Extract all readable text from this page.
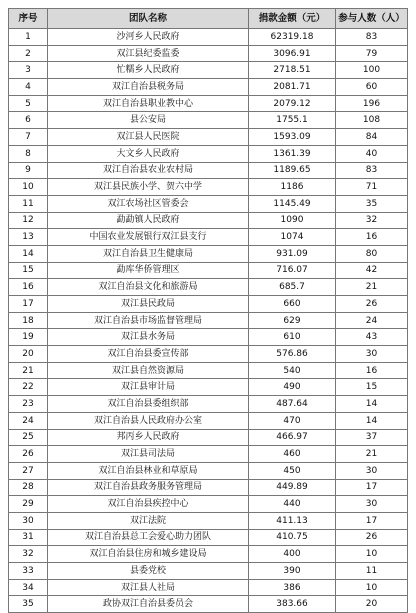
序号	团队名称	捐款金额（元）	参与人数（人）
1	沙河乡人民政府	62319.18	83
2	双江县纪委监委	3096.91	79
3	忙糯乡人民政府	2718.51	100
4	双江自治县税务局	2081.71	60
5	双江自治县职业教中心	2079.12	196
6	县公安局	1755.1	108
7	双江县人民医院	1593.09	84
8	大文乡人民政府	1361.39	40
9	双江自治县农业农村局	1189.65	83
10	双江县民族小学、贺六中学	1186	71
11	双江农场社区管委会	1145.49	35
12	勐勐镇人民政府	1090	32
13	中国农业发展银行双江县支行	1074	16
14	双江自治县卫生健康局	931.09	80
15	勐库华侨管理区	716.07	42
16	双江自治县文化和旅游局	685.7	21
17	双江县民政局	660	26
18	双江自治县市场监督管理局	629	24
19	双江县水务局	610	43
20	双江自治县委宣传部	576.86	30
21	双江县自然资源局	540	16
22	双江县审计局	490	15
23	双江自治县委组织部	487.64	14
24	双江自治县人民政府办公室	470	14
25	邦丙乡人民政府	466.97	37
26	双江县司法局	460	21
27	双江自治县林业和草原局	450	30
28	双江自治县政务服务管理局	449.89	17
29	双江自治县疾控中心	440	30
30	双江法院	411.13	17
31	双江自治县总工会爱心助力团队	410.75	26
32	双江自治县住房和城乡建设局	400	10
33	县委党校	390	11
34	双江县人社局	386	10
35	政协双江自治县委员会	383.66	20
